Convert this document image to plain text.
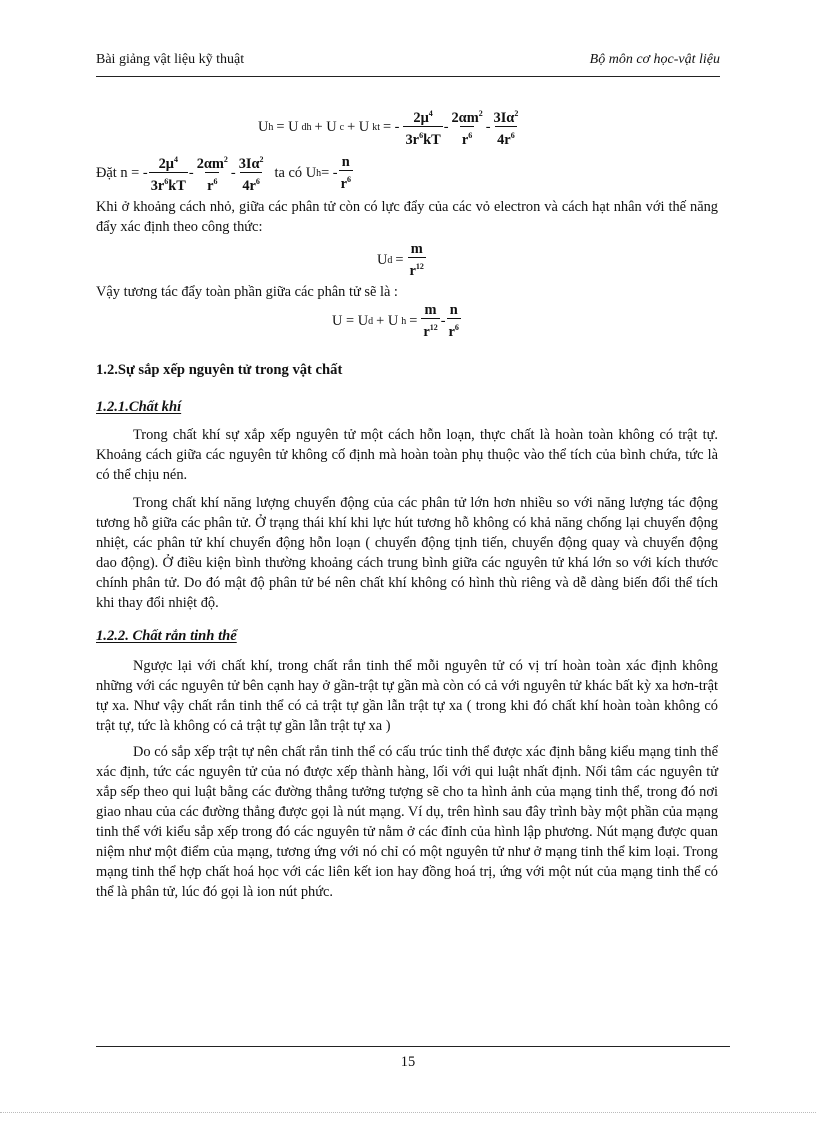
Bài giảng vật liệu kỹ thuật	Bộ môn cơ học-vật liệu
U h = U dh + U c + U kt = - $\frac{2\mu^4}{3r^6kT} - \frac{2\alpha m^2}{r^6} - \frac{3I\alpha^2}{4r^6}$
Đặt n = - $\frac{2\mu^4}{3r^6kT} - \frac{2\alpha m^2}{r^6} - \frac{3I\alpha^2}{4r^6}$ ta có U h = - $\frac{n}{r^6}$

Khi ở khoảng cách nhỏ, giữa các phân tử còn có lực đẩy của các vỏ electron và cách hạt nhân với thế năng đẩy xác định theo công thức:

U $d = \frac{m}{r^{12}}$

Vậy tương tác đẩy toàn phần giữa các phân tử sẽ là :

U = U d + U $h = \frac{m}{r^{12}} - \frac{n}{r^6}$
1.2.Sự sắp xếp nguyên tử trong vật chất
1.2.1.Chất khí

Trong chất khí sự xắp xếp nguyên tử một cách hỗn loạn, thực chất là hoàn toàn không có trật tự. Khoảng cách giữa các nguyên tử không cố định mà hoàn toàn phụ thuộc vào thể tích của bình chứa, tức là có thể chịu nén.

Trong chất khí năng lượng chuyển động của các phân tử lớn hơn nhiều so với năng lượng tác động tương hỗ giữa các phân tử. Ở trạng thái khí khi lực hút tương hỗ không có khả năng chống lại chuyển động nhiệt, các phân tử khí chuyển động hỗn loạn ( chuyển động tịnh tiến, chuyển động quay và chuyển động dao động). Ở điều kiện bình thường khoảng cách trung bình giữa các nguyên tử khá lớn so với kích thước chính phân tử. Do đó mật độ phân tử bé nên chất khí không có hình thù riêng và dễ dàng biến đổi thể tích khi thay đổi nhiệt độ.

1.2.2. Chất rắn tinh thể

Ngược lại với chất khí, trong chất rắn tinh thể mỗi nguyên tử có vị trí hoàn toàn xác định không những với các nguyên tử bên cạnh hay ở gần-trật tự gần mà còn có cả với nguyên tử khác bất kỳ xa hơn-trật tự xa. Như vậy chất rắn tinh thể có cả trật tự gần lẫn trật tự xa ( trong khi đó chất khí hoàn toàn không có trật tự, tức là không có cả trật tự gần lẫn trật tự xa )

Do có sắp xếp trật tự nên chất rắn tinh thể có cấu trúc tinh thể được xác định bằng kiểu mạng tinh thể xác định, tức các nguyên tử của nó được xếp thành hàng, lối với qui luật nhất định. Nối tâm các nguyên tử xắp sếp theo qui luật bằng các đường thẳng tưởng tượng sẽ cho ta hình ảnh của mạng tinh thể, trong đó nơi giao nhau của các đường thẳng được gọi là nút mạng. Ví dụ, trên hình sau đây trình bày một phần của mạng tinh thể với kiểu sắp xếp trong đó các nguyên tử nằm ở các đỉnh của hình lập phương. Nút mạng được quan niệm như một điểm của mạng, tương ứng với nó chỉ có một nguyên tử như ở mạng tinh thể kim loại. Trong mạng tinh thể hợp chất hoá học với các liên kết ion hay đồng hoá trị, ứng với một nút của mạng tinh thể có thể là phân tử, lúc đó gọi là ion nút phức.

15
